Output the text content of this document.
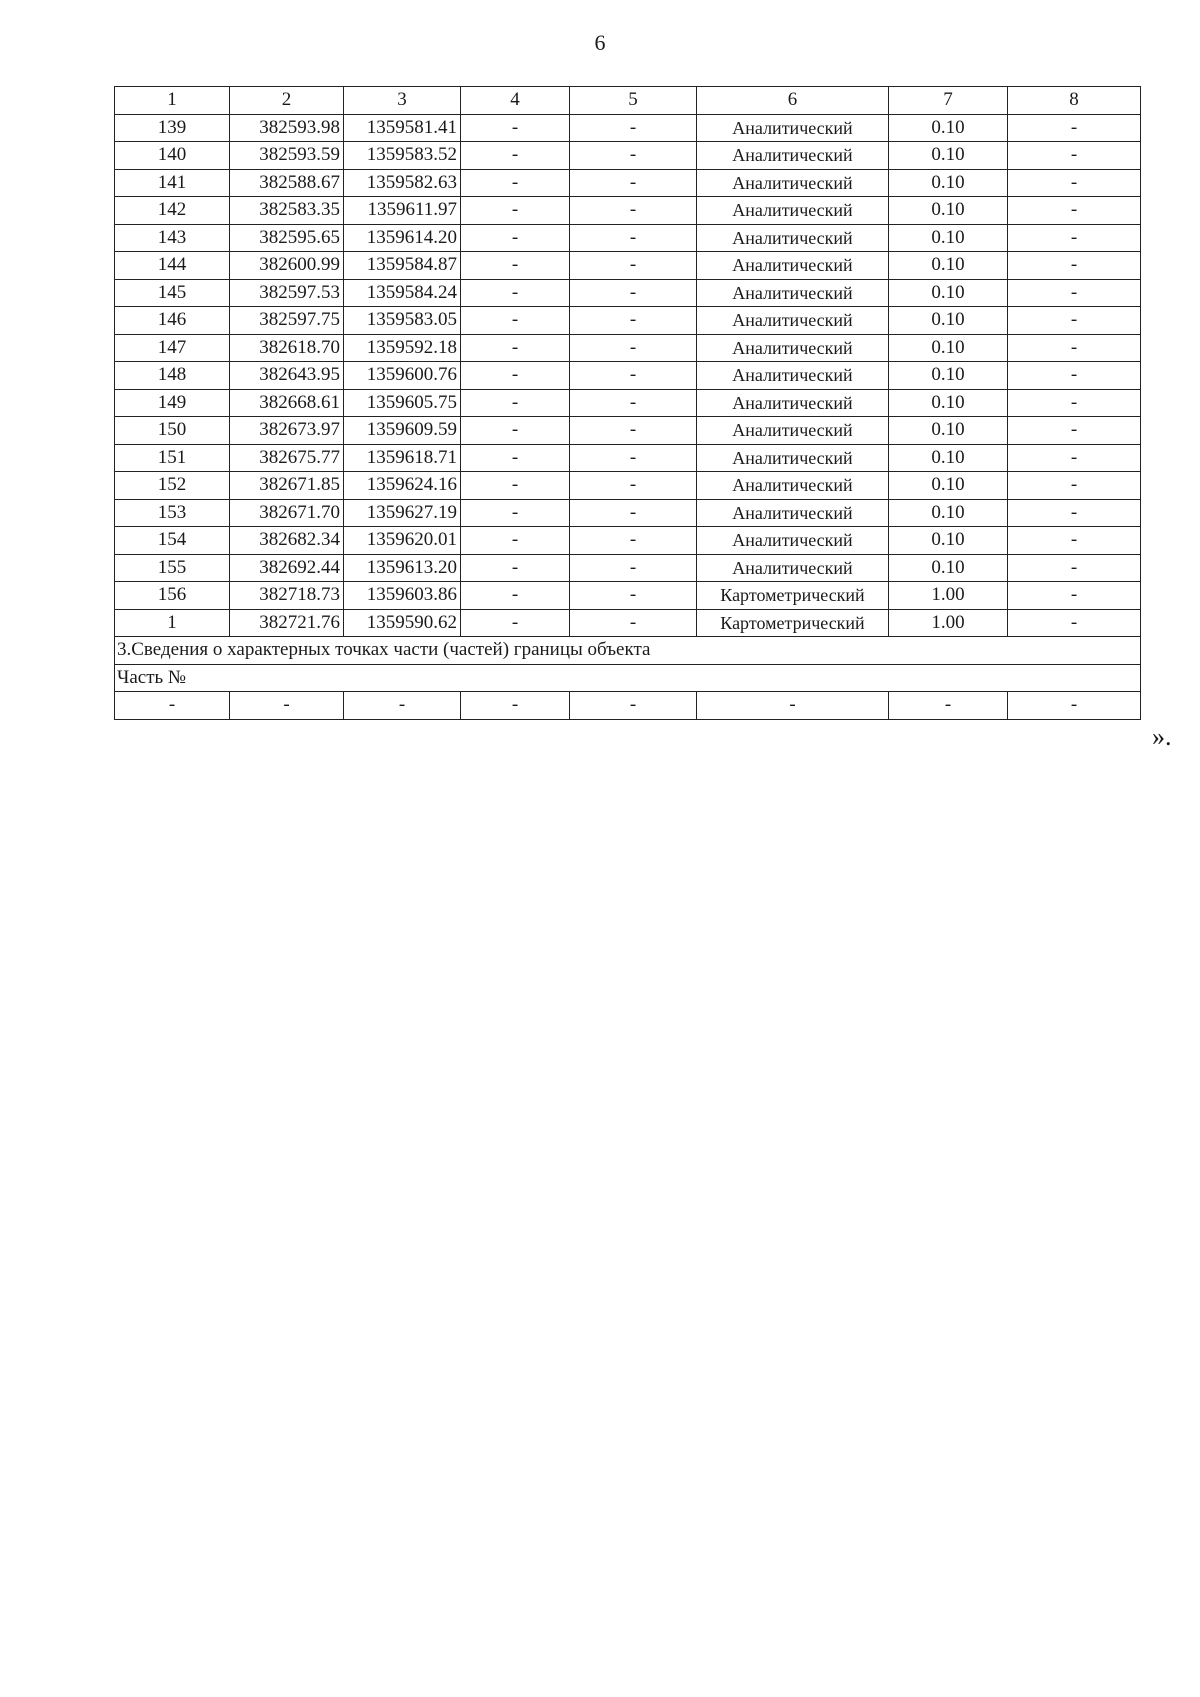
6
1	2	3	4	5	6	7	8
139	382593.98	1359581.41	-	-	Аналитический	0.10	-
140	382593.59	1359583.52	-	-	Аналитический	0.10	-
141	382588.67	1359582.63	-	-	Аналитический	0.10	-
142	382583.35	1359611.97	-	-	Аналитический	0.10	-
143	382595.65	1359614.20	-	-	Аналитический	0.10	-
144	382600.99	1359584.87	-	-	Аналитический	0.10	-
145	382597.53	1359584.24	-	-	Аналитический	0.10	-
146	382597.75	1359583.05	-	-	Аналитический	0.10	-
147	382618.70	1359592.18	-	-	Аналитический	0.10	-
148	382643.95	1359600.76	-	-	Аналитический	0.10	-
149	382668.61	1359605.75	-	-	Аналитический	0.10	-
150	382673.97	1359609.59	-	-	Аналитический	0.10	-
151	382675.77	1359618.71	-	-	Аналитический	0.10	-
152	382671.85	1359624.16	-	-	Аналитический	0.10	-
153	382671.70	1359627.19	-	-	Аналитический	0.10	-
154	382682.34	1359620.01	-	-	Аналитический	0.10	-
155	382692.44	1359613.20	-	-	Аналитический	0.10	-
156	382718.73	1359603.86	-	-	Картометрический	1.00	-
1	382721.76	1359590.62	-	-	Картометрический	1.00	-
3.Сведения о характерных точках части (частей) границы объекта							
Часть №							
-	-	-	-	-	-	-	-
».
